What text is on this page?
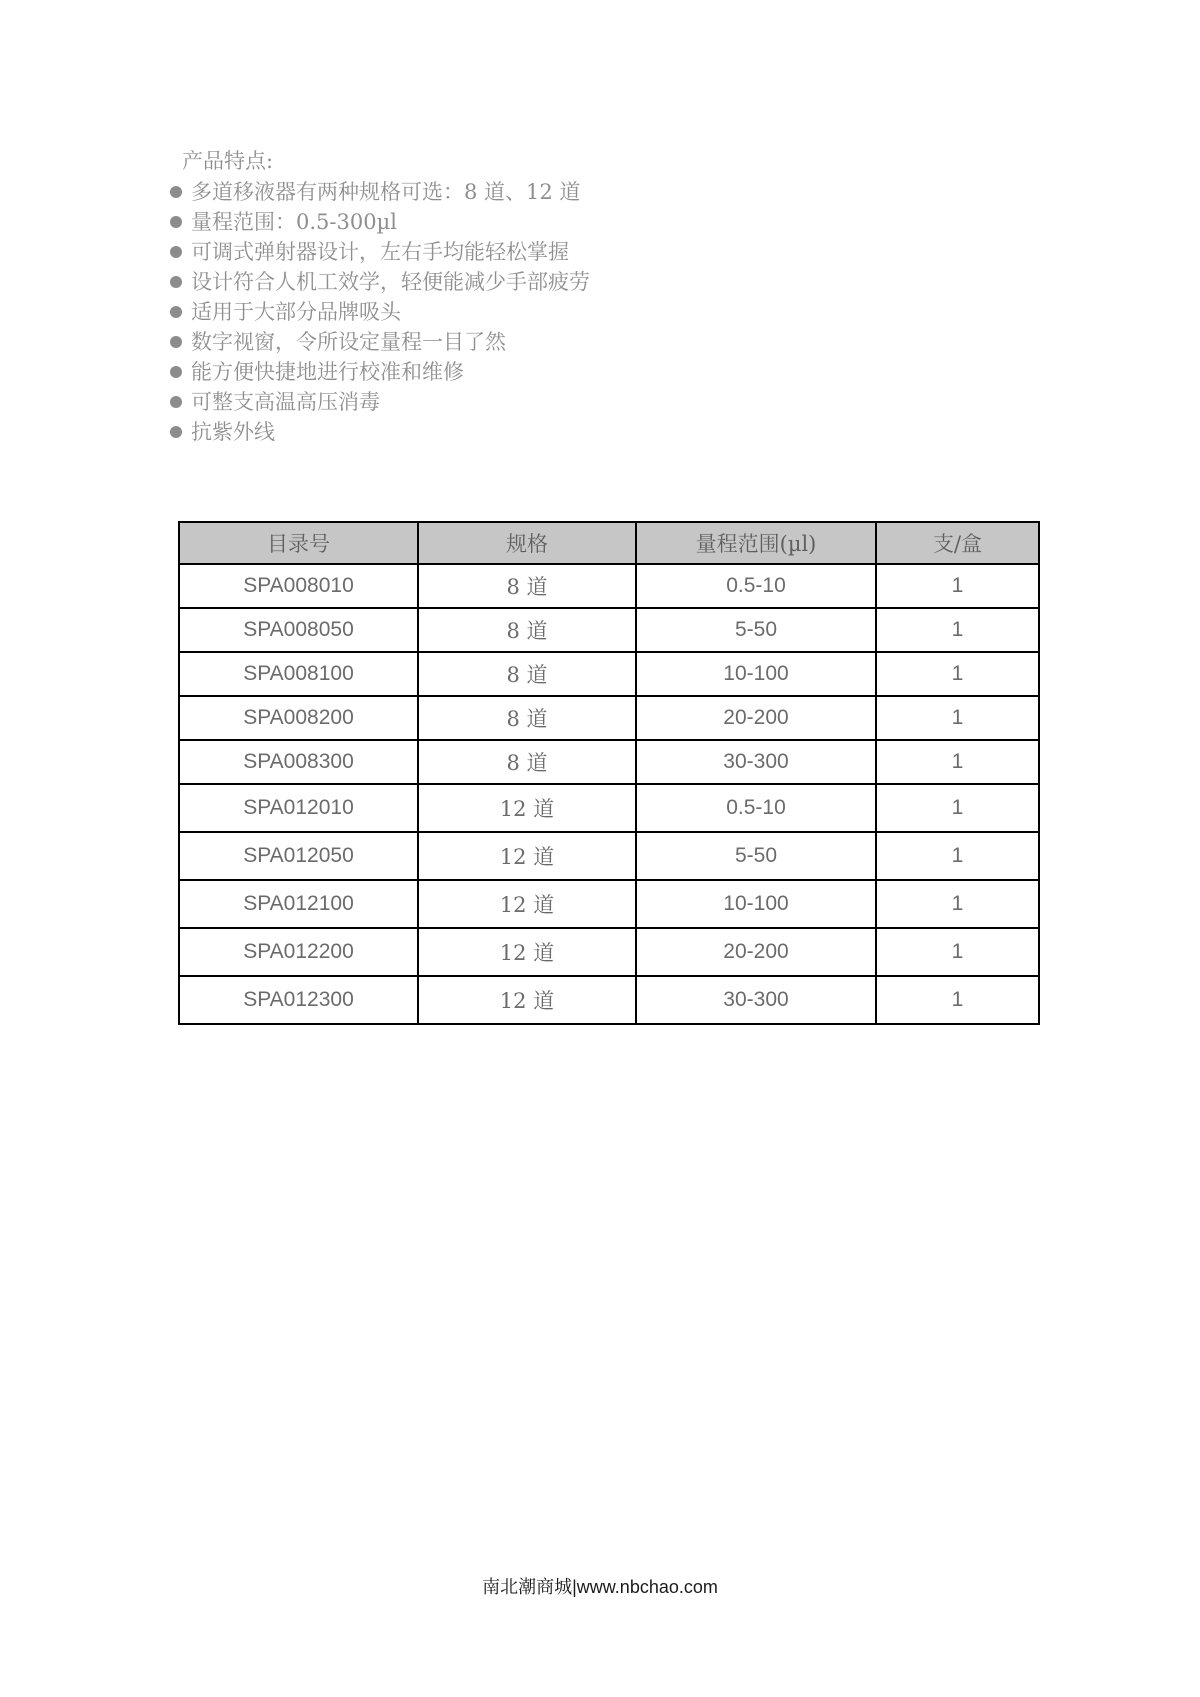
产品特点:

多道移液器有两种规格可选：8 道、12 道
量程范围：0.5-300µl
可调式弹射器设计，左右手均能轻松掌握
设计符合人机工效学，轻便能减少手部疲劳
适用于大部分品牌吸头
数字视窗，令所设定量程一目了然
能方便快捷地进行校准和维修
可整支高温高压消毒
抗紫外线
目录号	规格	量程范围(µl)	支/盒
SPA008010	8 道	0.5-10	1
SPA008050	8 道	5-50	1
SPA008100	8 道	10-100	1
SPA008200	8 道	20-200	1
SPA008300	8 道	30-300	1
SPA012010	12 道	0.5-10	1
SPA012050	12 道	5-50	1
SPA012100	12 道	10-100	1
SPA012200	12 道	20-200	1
SPA012300	12 道	30-300	1
南北潮商城|www.nbchao.com
